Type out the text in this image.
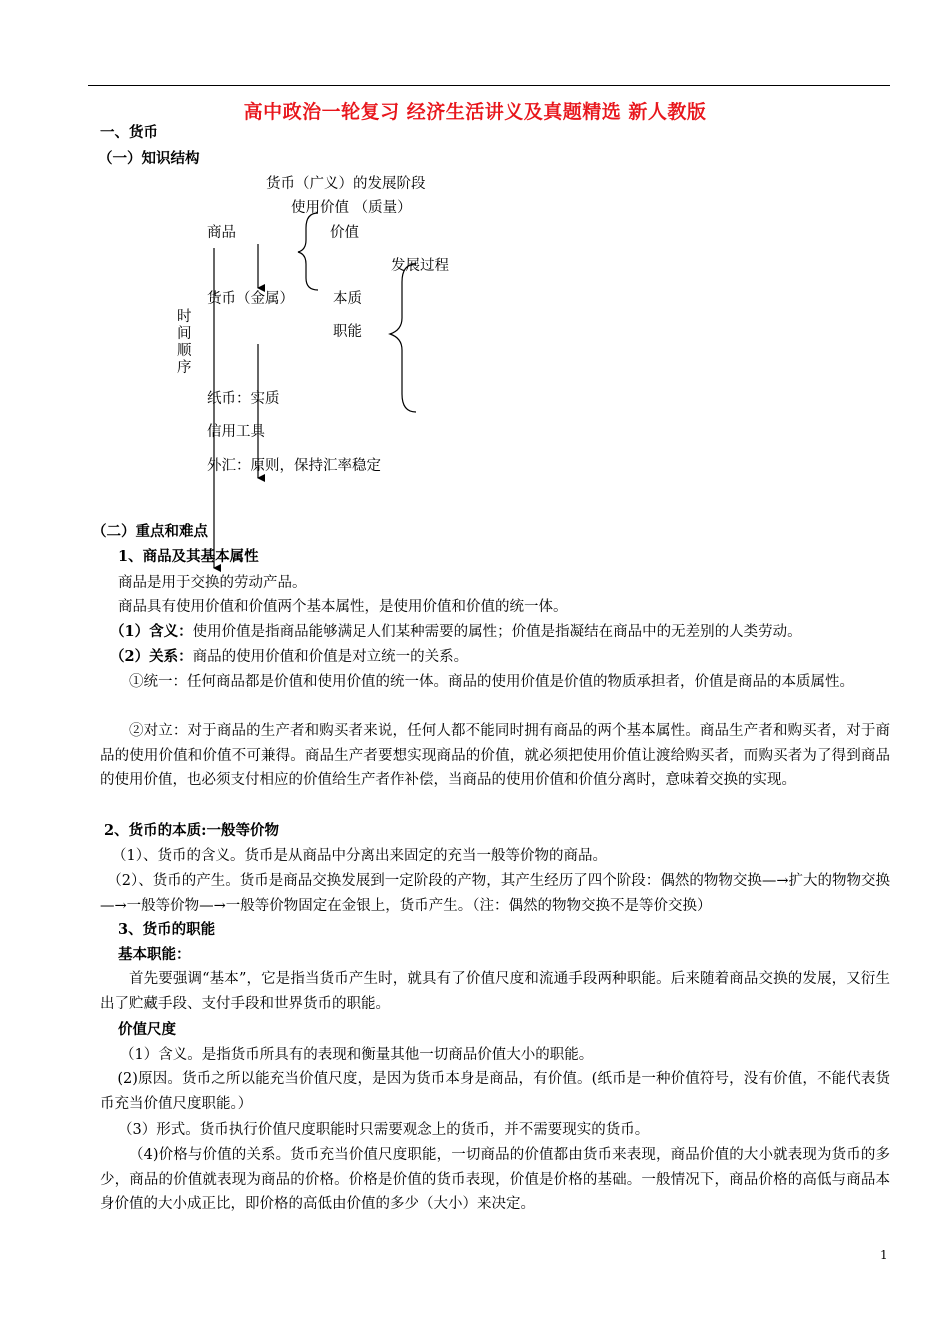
高中政治一轮复习 经济生活讲义及真题精选 新人教版
一、货币
（一）知识结构
货币（广义）的发展阶段
使用价值 （质量）
商品	价值
发展过程
货币（金属）	本质
时间顺序
职能
纸币：实质
信用工具
外汇：原则，保持汇率稳定
（二）重点和难点
1、商品及其基本属性
商品是用于交换的劳动产品。
商品具有使用价值和价值两个基本属性，是使用价值和价值的统一体。
（1）含义：使用价值是指商品能够满足人们某种需要的属性；价值是指凝结在商品中的无差别的人类劳动。
（2）关系：商品的使用价值和价值是对立统一的关系。
①统一：任何商品都是价值和使用价值的统一体。商品的使用价值是价值的物质承担者，价值是商品的本质属性。
②对立：对于商品的生产者和购买者来说，任何人都不能同时拥有商品的两个基本属性。商品生产者和购买者，对于商品的使用价值和价值不可兼得。商品生产者要想实现商品的价值，就必须把使用价值让渡给购买者，而购买者为了得到商品的使用价值，也必须支付相应的价值给生产者作补偿，当商品的使用价值和价值分离时，意味着交换的实现。
2、货币的本质:一般等价物
（1）、货币的含义。货币是从商品中分离出来固定的充当一般等价物的商品。
（2）、货币的产生。货币是商品交换发展到一定阶段的产物，其产生经历了四个阶段：偶然的物物交换—→扩大的物物交换—→一般等价物—→一般等价物固定在金银上，货币产生。（注：偶然的物物交换不是等价交换）
3、货币的职能
基本职能：
首先要强调“基本”，它是指当货币产生时，就具有了价值尺度和流通手段两种职能。后来随着商品交换的发展，又衍生出了贮藏手段、支付手段和世界货币的职能。
价值尺度
（1）含义。是指货币所具有的表现和衡量其他一切商品价值大小的职能。
(2)原因。货币之所以能充当价值尺度，是因为货币本身是商品，有价值。(纸币是一种价值符号，没有价值，不能代表货币充当价值尺度职能。）
（3）形式。货币执行价值尺度职能时只需要观念上的货币，并不需要现实的货币。
（4)价格与价值的关系。货币充当价值尺度职能，一切商品的价值都由货币来表现，商品价值的大小就表现为货币的多少，商品的价值就表现为商品的价格。价格是价值的货币表现，价值是价格的基础。一般情况下，商品价格的高低与商品本身价值的大小成正比，即价格的高低由价值的多少（大小）来决定。
1
